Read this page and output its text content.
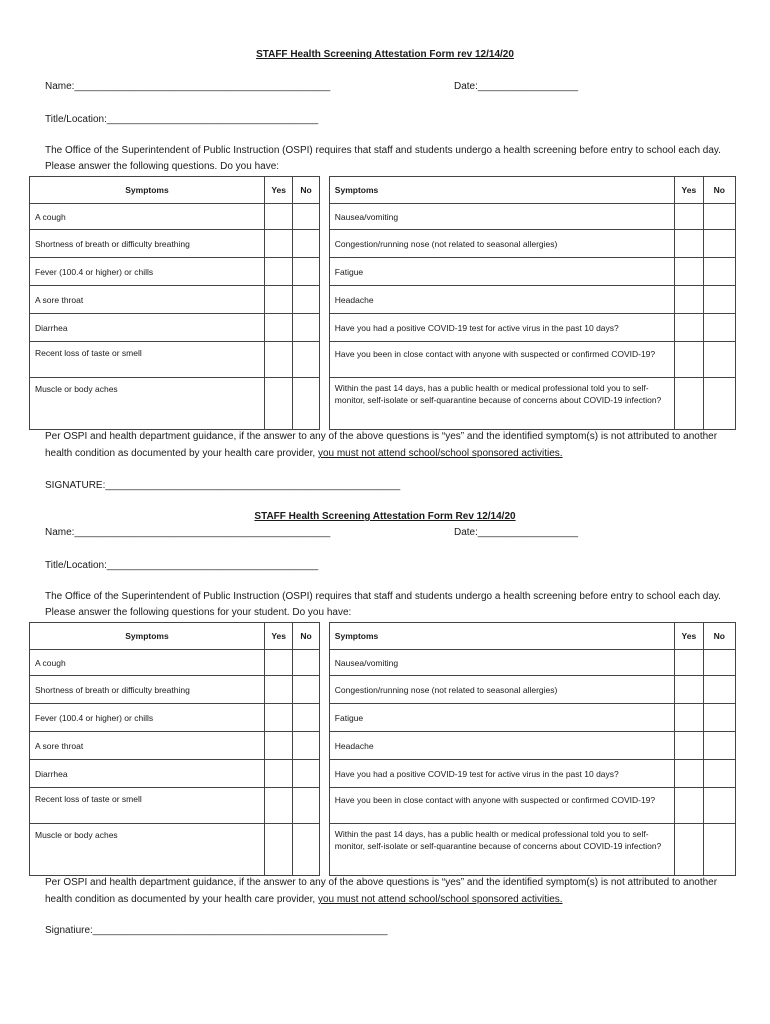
STAFF Health Screening Attestation Form rev 12/14/20
Name:______________________________________________	Date:__________________
Title/Location:______________________________________
The Office of the Superintendent of Public Instruction (OSPI) requires that staff and students undergo a health screening before entry to school each day. Please answer the following questions. Do you have:
Symptoms	Yes	No		Symptoms	Yes	No
A cough				Nausea/vomiting		
Shortness of breath or difficulty breathing				Congestion/running nose (not related to seasonal allergies)		
Fever (100.4 or higher) or chills				Fatigue		
A sore throat				Headache		
Diarrhea				Have you had a positive COVID-19 test for active virus in the past 10 days?		
Recent loss of taste or smell				Have you been in close contact with anyone with suspected or confirmed COVID-19?		
Muscle or body aches				Within the past 14 days, has a public health or medical professional told you to self-monitor, self-isolate or self-quarantine because of concerns about COVID-19 infection?		
Per OSPI and health department guidance, if the answer to any of the above questions is “yes” and the identified symptom(s) is not attributed to another health condition as documented by your health care provider, you must not attend school/school sponsored activities.
SIGNATURE:_____________________________________________________
STAFF Health Screening Attestation Form Rev 12/14/20
Name:______________________________________________	Date:__________________
Title/Location:______________________________________
The Office of the Superintendent of Public Instruction (OSPI) requires that staff and students undergo a health screening before entry to school each day. Please answer the following questions for your student. Do you have:
Symptoms	Yes	No		Symptoms	Yes	No
A cough				Nausea/vomiting		
Shortness of breath or difficulty breathing				Congestion/running nose (not related to seasonal allergies)		
Fever (100.4 or higher) or chills				Fatigue		
A sore throat				Headache		
Diarrhea				Have you had a positive COVID-19 test for active virus in the past 10 days?		
Recent loss of taste or smell				Have you been in close contact with anyone with suspected or confirmed COVID-19?		
Muscle or body aches				Within the past 14 days, has a public health or medical professional told you to self-monitor, self-isolate or self-quarantine because of concerns about COVID-19 infection?		
Per OSPI and health department guidance, if the answer to any of the above questions is “yes” and the identified symptom(s) is not attributed to another health condition as documented by your health care provider, you must not attend school/school sponsored activities.
Signatiure:_____________________________________________________
